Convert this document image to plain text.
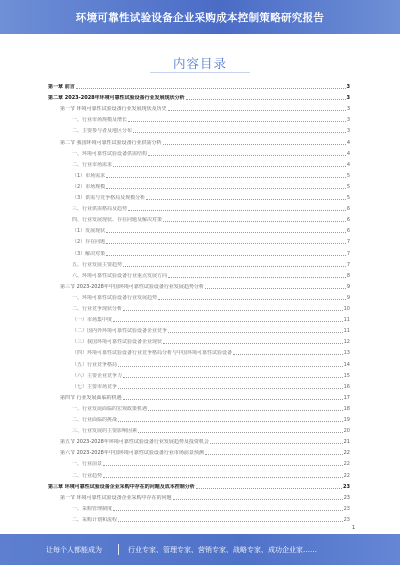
环境可靠性试验设备企业采购成本控制策略研究报告
内容目录
第一章 前言	3
第二章 2023-2028年环境可靠性试验设备行业发展现状分析	3
第一节 环境可靠性试验设备行业发展现状及历史	3
一、行业市场规模及增长	3
二、主要参与者及地区分布	3
第二节 我国环境可靠性试验设备行业供需分析	4
一、环境可靠性试验设备供需结构	4
二、行业市场需求	4
（1）市场需求	5
（2）市场规模	5
（3）供需与竞争格局及规模分析	5
三、行业供需格局及趋势	6
四、行业发展现状、存在问题及解决对策	6
（1）发展现状	6
（2）存在问题	7
（3）解决对策	7
五、行业发展主要趋势	7
六、环境可靠性试验设备行业重点发展方向	8
第三节 2023-2028年中国环境可靠性试验设备行业发展趋势分析	9
一、环境可靠性试验设备行业发展趋势	9
二、行业竞争现状分析	10
（一）市场集中度	11
（二）国内外环境可靠性试验设备企业竞争	11
（三）我国环境可靠性试验设备企业现状	12
（四）环境可靠性试验设备行业竞争格局分析与中国环境可靠性试验设备	13
（五）行业竞争格局	14
（六）主要企业竞争力	15
（七）主要市场竞争	16
第四节 行业发展面临的机遇	17
一、行业发展面临的宏观政策机遇	18
二、行业面临的挑战	19
三、行业发展的主要影响因素	20
第五节 2023-2028年环境可靠性试验设备行业发展趋势及投资机会	21
第六节 2023-2028年中国环境可靠性试验设备行业市场前景预测	22
一、行业前景	22
二、行业趋势	22
第三章 环境可靠性试验设备企业采购中存在的问题及成本控制分析	23
第一节 环境可靠性试验设备企业采购中存在的问题	23
一、采购管理制度	23
二、采购计划和流程	23
1
让每个人都能成为	行业专家、管理专家、营销专家、战略专家、成功企业家……
